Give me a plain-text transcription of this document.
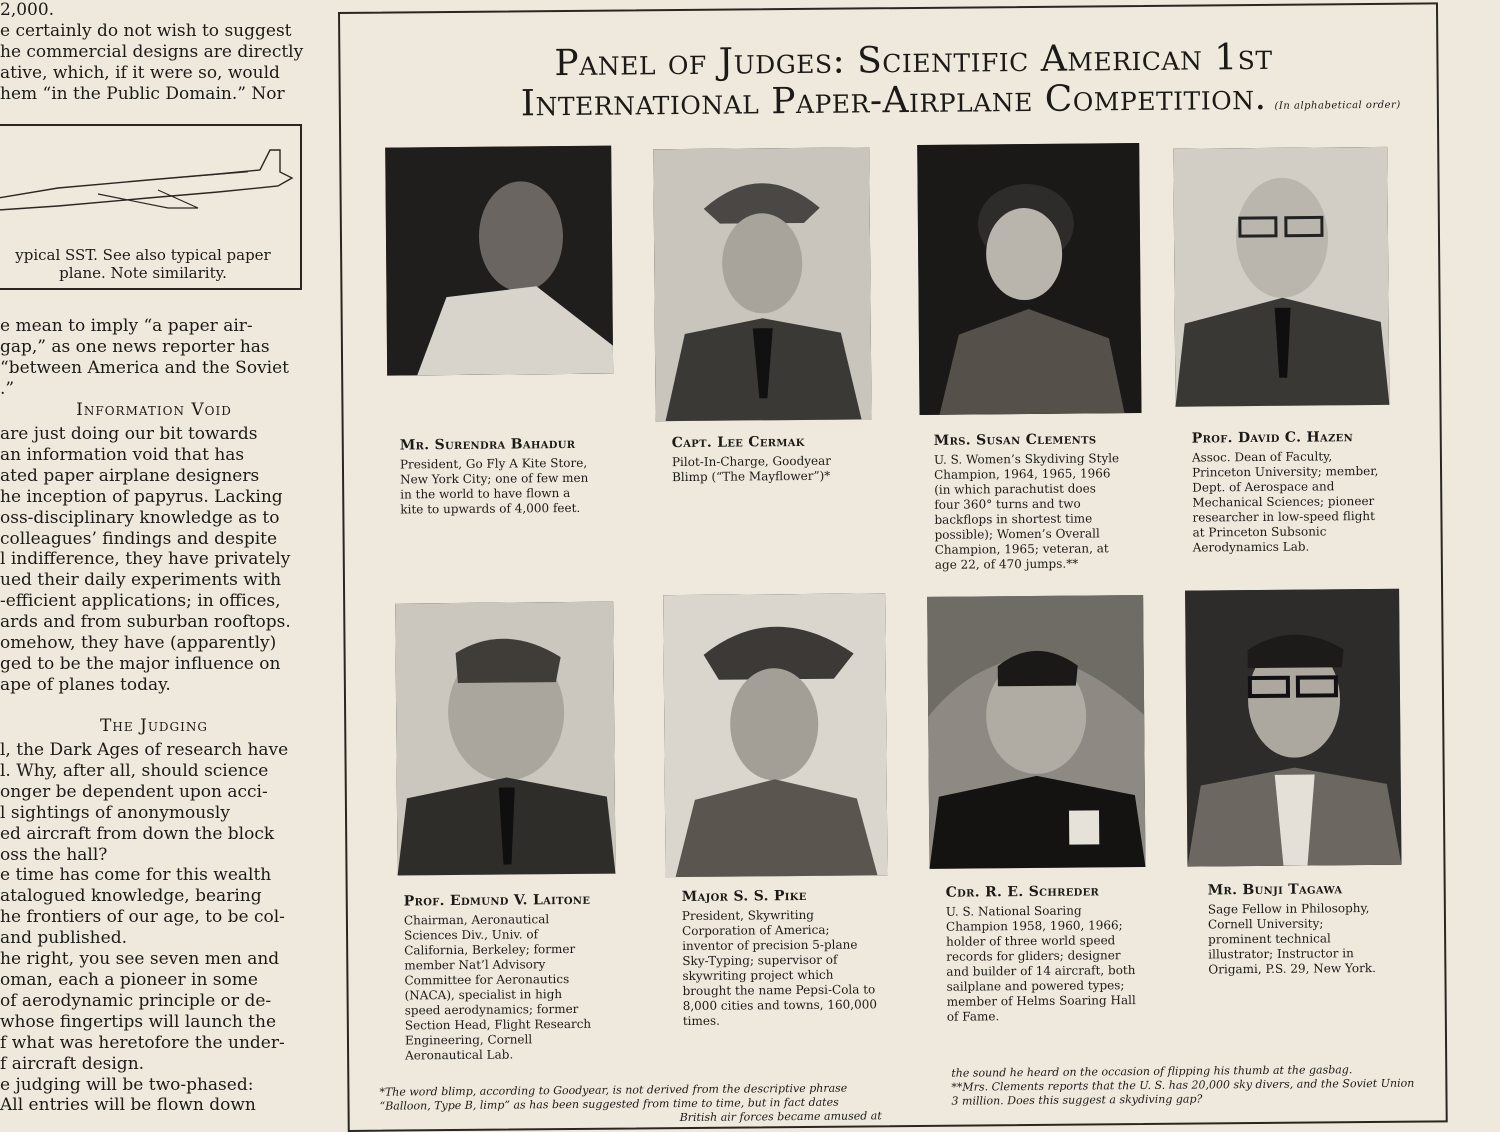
2,000.
e certainly do not wish to suggest
he commercial designs are directly
ative, which, if it were so, would
hem “in the Public Domain.” Nor
ypical SST. See also typical paper plane. Note similarity.
e mean to imply “a paper air-
gap,” as one news reporter has
“between America and the Soviet
.”
Information Void
are just doing our bit towards
an information void that has
ated paper airplane designers
he inception of papyrus. Lacking
oss-disciplinary knowledge as to
colleagues’ findings and despite
l indifference, they have privately
ued their daily experiments with
-efficient applications; in offices,
ards and from suburban rooftops.
omehow, they have (apparently)
ged to be the major influence on
ape of planes today.
The Judging
l, the Dark Ages of research have
l. Why, after all, should science
onger be dependent upon acci-
l sightings of anonymously
ed aircraft from down the block
oss the hall?
e time has come for this wealth
atalogued knowledge, bearing
he frontiers of our age, to be col-
and published.
he right, you see seven men and
oman, each a pioneer in some
of aerodynamic principle or de-
whose fingertips will launch the
f what was heretofore the under-
f aircraft design.
e judging will be two-phased:
All entries will be flown down
Panel of Judges: Scientific American 1st
International Paper-Airplane Competition. (In alphabetical order)
Mr. Surendra Bahadur
President, Go Fly A Kite Store, New York City; one of few men in the world to have flown a kite to upwards of 4,000 feet.
Capt. Lee Cermak
Pilot-In-Charge, Goodyear Blimp (“The Mayflower”)*
Mrs. Susan Clements
U. S. Women’s Skydiving Style Champion, 1964, 1965, 1966 (in which parachutist does four 360° turns and two backflops in shortest time possible); Women’s Overall Champion, 1965; veteran, at age 22, of 470 jumps.**
Prof. David C. Hazen
Assoc. Dean of Faculty, Princeton University; member, Dept. of Aerospace and Mechanical Sciences; pioneer researcher in low-speed flight at Princeton Subsonic Aerodynamics Lab.
Prof. Edmund V. Laitone
Chairman, Aeronautical Sciences Div., Univ. of California, Berkeley; former member Nat’l Advisory Committee for Aeronautics (NACA), specialist in high speed aerodynamics; former Section Head, Flight Research Engineering, Cornell Aeronautical Lab.
Major S. S. Pike
President, Skywriting Corporation of America; inventor of precision 5-plane Sky-Typing; supervisor of skywriting project which brought the name Pepsi-Cola to 8,000 cities and towns, 160,000 times.
Cdr. R. E. Schreder
U. S. National Soaring Champion 1958, 1960, 1966; holder of three world speed records for gliders; designer and builder of 14 aircraft, both sailplane and powered types; member of Helms Soaring Hall of Fame.
Mr. Bunji Tagawa
Sage Fellow in Philosophy, Cornell University; prominent technical illustrator; Instructor in Origami, P.S. 29, New York.
*The word blimp, according to Goodyear, is not derived from the descriptive phrase
“Balloon, Type B, limp” as has been suggested from time to time, but in fact dates
British air forces became amused at
the sound he heard on the occasion of flipping his thumb at the gasbag.
**Mrs. Clements reports that the U. S. has 20,000 sky divers, and the Soviet Union
3 million. Does this suggest a skydiving gap?
